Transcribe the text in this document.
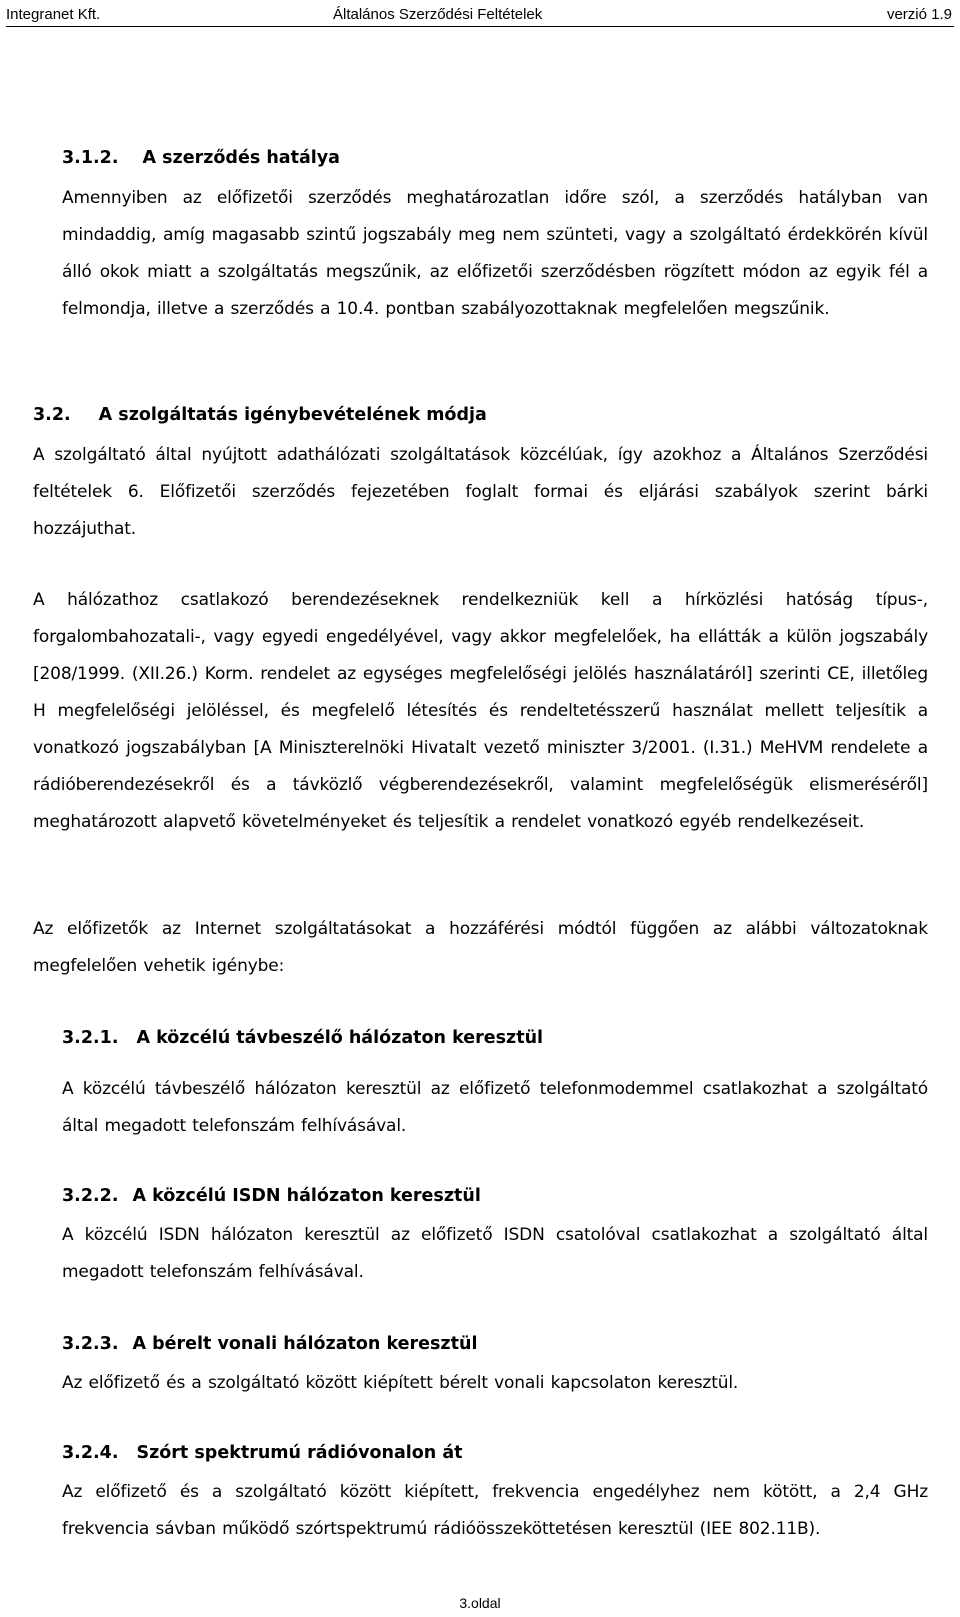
Integranet Kft.	Általános Szerződési Feltételek	verzió 1.9
3.1.2. A szerződés hatálya
Amennyiben az előfizetői szerződés meghatározatlan időre szól, a szerződés hatályban van mindaddig, amíg magasabb szintű jogszabály meg nem szünteti, vagy a szolgáltató érdekkörén kívül álló okok miatt a szolgáltatás megszűnik, az előfizetői szerződésben rögzített módon az egyik fél a felmondja, illetve a szerződés a 10.4. pontban szabályozottaknak megfelelően megszűnik.
3.2. A szolgáltatás igénybevételének módja
A szolgáltató által nyújtott adathálózati szolgáltatások közcélúak, így azokhoz a Általános Szerződési feltételek 6. Előfizetői szerződés fejezetében foglalt formai és eljárási szabályok szerint bárki hozzájuthat.
A hálózathoz csatlakozó berendezéseknek rendelkezniük kell a hírközlési hatóság típus-, forgalombahozatali-, vagy egyedi engedélyével, vagy akkor megfelelőek, ha ellátták a külön jogszabály [208/1999. (XII.26.) Korm. rendelet az egységes megfelelőségi jelölés használatáról] szerinti CE, illetőleg H megfelelőségi jelöléssel, és megfelelő létesítés és rendeltetésszerű használat mellett teljesítik a vonatkozó jogszabályban [A Miniszterelnöki Hivatalt vezető miniszter 3/2001. (I.31.) MeHVM rendelete a rádióberendezésekről és a távközlő végberendezésekről, valamint megfelelőségük elismeréséről] meghatározott alapvető követelményeket és teljesítik a rendelet vonatkozó egyéb rendelkezéseit.
Az előfizetők az Internet szolgáltatásokat a hozzáférési módtól függően az alábbi változatoknak megfelelően vehetik igénybe:
3.2.1. A közcélú távbeszélő hálózaton keresztül
A közcélú távbeszélő hálózaton keresztül az előfizető telefonmodemmel csatlakozhat a szolgáltató által megadott telefonszám felhívásával.
3.2.2. A közcélú ISDN hálózaton keresztül
A közcélú ISDN hálózaton keresztül az előfizető ISDN csatolóval csatlakozhat a szolgáltató által megadott telefonszám felhívásával.
3.2.3. A bérelt vonali hálózaton keresztül
Az előfizető és a szolgáltató között kiépített bérelt vonali kapcsolaton keresztül.
3.2.4. Szórt spektrumú rádióvonalon át
Az előfizető és a szolgáltató között kiépített, frekvencia engedélyhez nem kötött, a 2,4 GHz frekvencia sávban működő szórtspektrumú rádióösszeköttetésen keresztül (IEE 802.11B).
3.oldal
